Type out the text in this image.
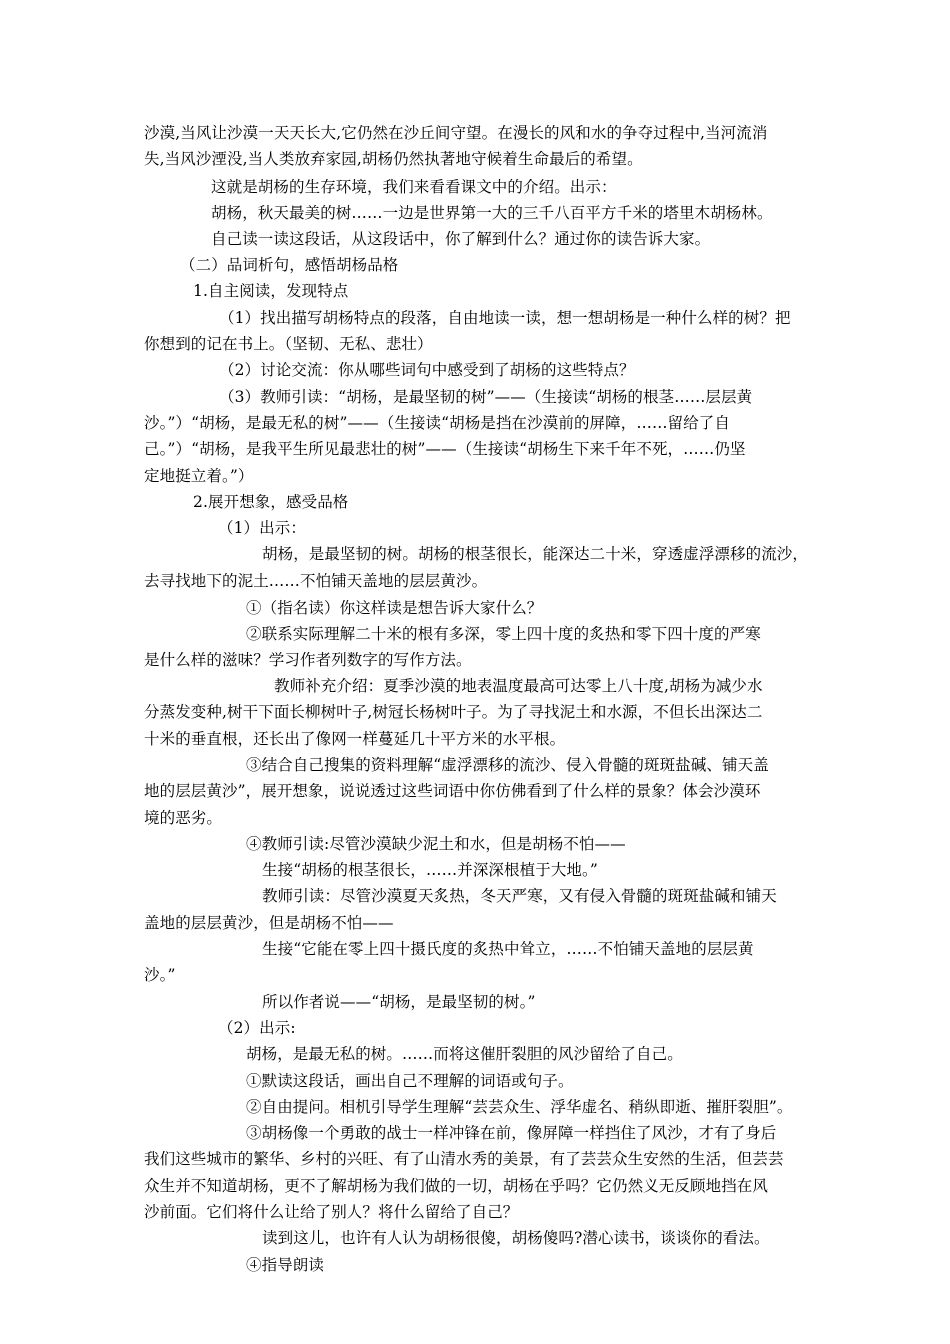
沙漠,当风让沙漠一天天长大,它仍然在沙丘间守望。在漫长的风和水的争夺过程中,当河流消
失,当风沙湮没,当人类放弃家园,胡杨仍然执著地守候着生命最后的希望。
这就是胡杨的生存环境，我们来看看课文中的介绍。出示：
胡杨，秋天最美的树……一边是世界第一大的三千八百平方千米的塔里木胡杨林。
自己读一读这段话，从这段话中，你了解到什么？通过你的读告诉大家。
（二）品词析句，感悟胡杨品格
1.自主阅读，发现特点
（1）找出描写胡杨特点的段落，自由地读一读，想一想胡杨是一种什么样的树？把
你想到的记在书上。（坚韧、无私、悲壮）
（2）讨论交流：你从哪些词句中感受到了胡杨的这些特点？
（3）教师引读：“胡杨，是最坚韧的树”——（生接读“胡杨的根茎……层层黄
沙。”）“胡杨，是最无私的树”——（生接读“胡杨是挡在沙漠前的屏障，……留给了自
己。”）“胡杨，是我平生所见最悲壮的树”——（生接读“胡杨生下来千年不死，……仍坚
定地挺立着。”）
2.展开想象，感受品格
（1）出示：
胡杨，是最坚韧的树。胡杨的根茎很长，能深达二十米，穿透虚浮漂移的流沙，
去寻找地下的泥土……不怕铺天盖地的层层黄沙。
①（指名读）你这样读是想告诉大家什么？
②联系实际理解二十米的根有多深，零上四十度的炙热和零下四十度的严寒
是什么样的滋味？学习作者列数字的写作方法。
教师补充介绍：夏季沙漠的地表温度最高可达零上八十度,胡杨为减少水
分蒸发变种,树干下面长柳树叶子,树冠长杨树叶子。为了寻找泥土和水源，不但长出深达二
十米的垂直根，还长出了像网一样蔓延几十平方米的水平根。
③结合自己搜集的资料理解“虚浮漂移的流沙、侵入骨髓的斑斑盐碱、铺天盖
地的层层黄沙”，展开想象，说说透过这些词语中你仿佛看到了什么样的景象？体会沙漠环
境的恶劣。
④教师引读:尽管沙漠缺少泥土和水，但是胡杨不怕——
生接“胡杨的根茎很长，……并深深根植于大地。”
教师引读：尽管沙漠夏天炙热，冬天严寒，又有侵入骨髓的斑斑盐碱和铺天
盖地的层层黄沙，但是胡杨不怕——
生接“它能在零上四十摄氏度的炙热中耸立，……不怕铺天盖地的层层黄
沙。”
所以作者说——“胡杨，是最坚韧的树。”
（2）出示:
胡杨，是最无私的树。……而将这催肝裂胆的风沙留给了自己。
①默读这段话，画出自己不理解的词语或句子。
②自由提问。相机引导学生理解“芸芸众生、浮华虚名、稍纵即逝、摧肝裂胆”。
③胡杨像一个勇敢的战士一样冲锋在前，像屏障一样挡住了风沙，才有了身后
我们这些城市的繁华、乡村的兴旺、有了山清水秀的美景，有了芸芸众生安然的生活，但芸芸
众生并不知道胡杨，更不了解胡杨为我们做的一切，胡杨在乎吗？它仍然义无反顾地挡在风
沙前面。它们将什么让给了别人？将什么留给了自己？
读到这儿，也许有人认为胡杨很傻，胡杨傻吗?潜心读书，谈谈你的看法。
④指导朗读
